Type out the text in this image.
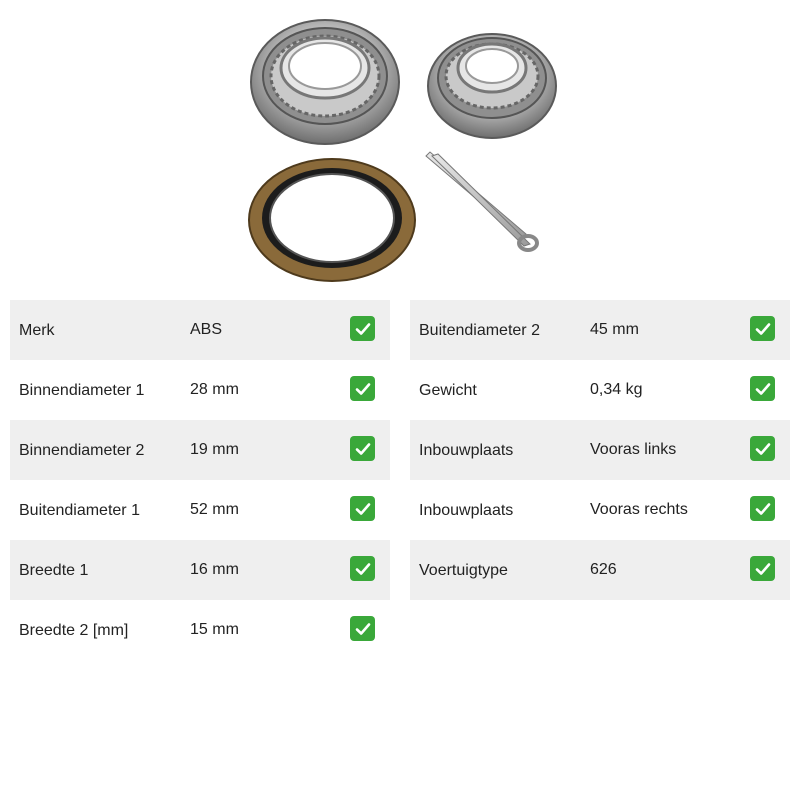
Merk	ABS
Binnendiameter 1	28 mm
Binnendiameter 2	19 mm
Buitendiameter 1	52 mm
Breedte 1	16 mm
Breedte 2 [mm]	15 mm
Buitendiameter 2	45 mm
Gewicht	0,34 kg
Inbouwplaats	Vooras links
Inbouwplaats	Vooras rechts
Voertuigtype	626
